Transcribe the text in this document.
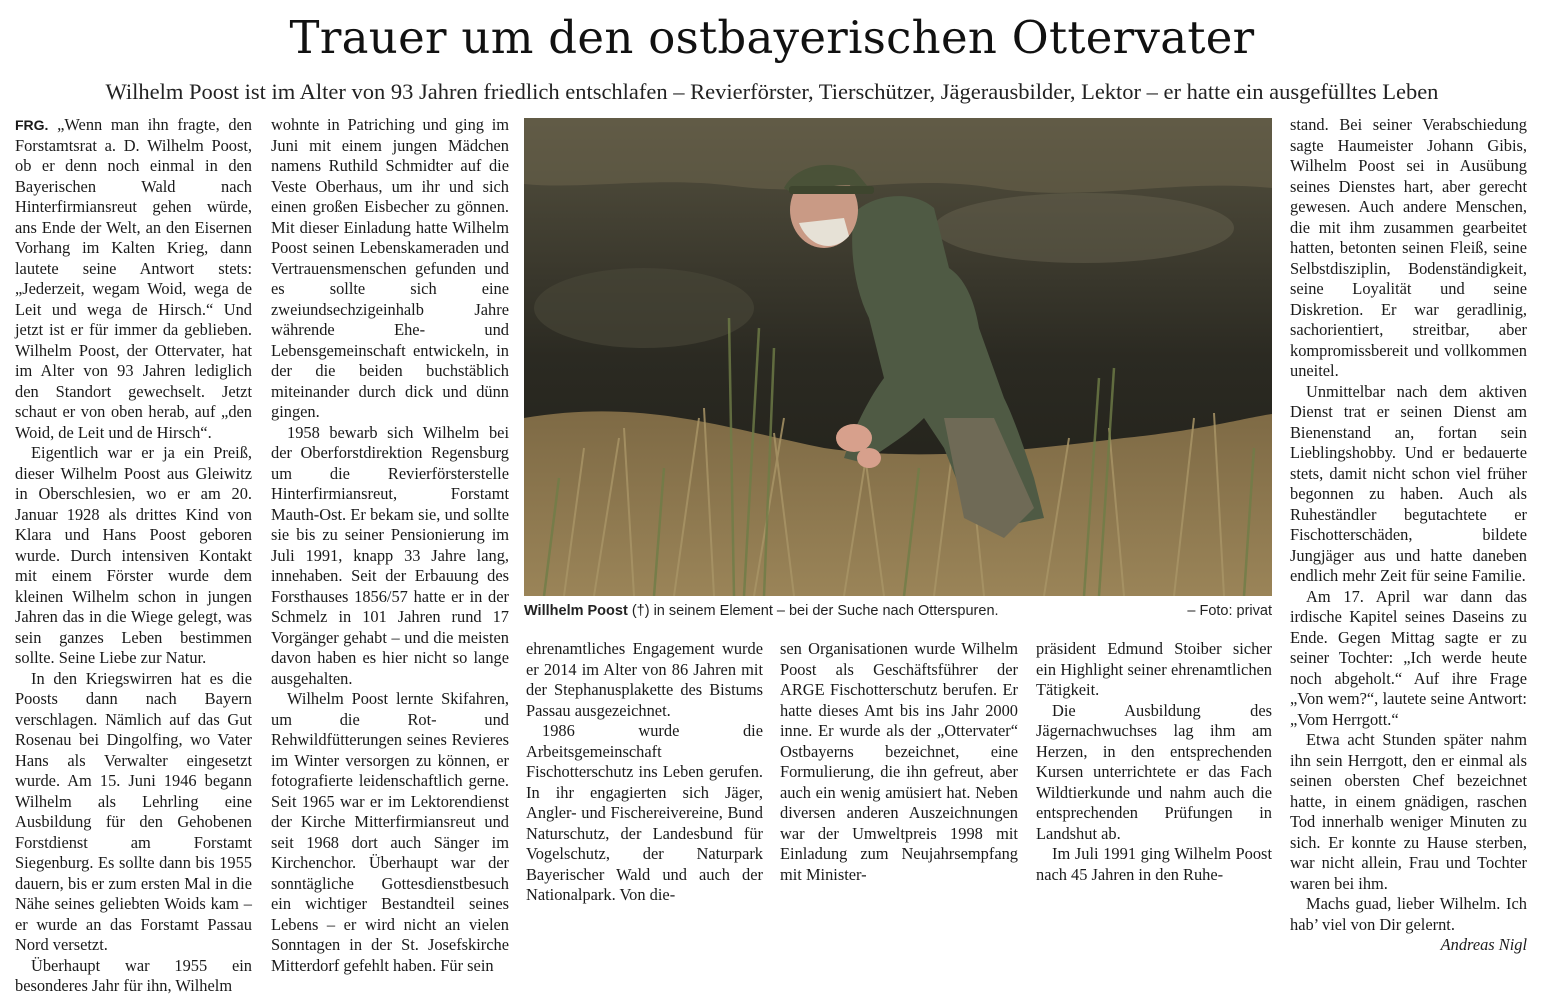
Trauer um den ostbayerischen Ottervater
Wilhelm Poost ist im Alter von 93 Jahren friedlich entschlafen – Revierförster, Tierschützer, Jägerausbilder, Lektor – er hatte ein ausgefülltes Leben

FRG. „Wenn man ihn fragte, den Forstamtsrat a. D. Wilhelm Poost, ob er denn noch einmal in den Bayerischen Wald nach Hinterfirmiansreut gehen würde, ans Ende der Welt, an den Eisernen Vorhang im Kalten Krieg, dann lautete seine Antwort stets: „Jederzeit, wegam Woid, wega de Leit und wega de Hirsch.“ Und jetzt ist er für immer da geblieben. Wilhelm Poost, der Ottervater, hat im Alter von 93 Jahren lediglich den Standort gewechselt. Jetzt schaut er von oben herab, auf „den Woid, de Leit und de Hirsch“.

Eigentlich war er ja ein Preiß, dieser Wilhelm Poost aus Gleiwitz in Oberschlesien, wo er am 20. Januar 1928 als drittes Kind von Klara und Hans Poost geboren wurde. Durch intensiven Kontakt mit einem Förster wurde dem kleinen Wilhelm schon in jungen Jahren das in die Wiege gelegt, was sein ganzes Leben bestimmen sollte. Seine Liebe zur Natur.

In den Kriegswirren hat es die Poosts dann nach Bayern verschlagen. Nämlich auf das Gut Rosenau bei Dingolfing, wo Vater Hans als Verwalter eingesetzt wurde. Am 15. Juni 1946 begann Wilhelm als Lehrling eine Ausbildung für den Gehobenen Forstdienst am Forstamt Siegenburg. Es sollte dann bis 1955 dauern, bis er zum ersten Mal in die Nähe seines geliebten Woids kam – er wurde an das Forstamt Passau Nord versetzt.

Überhaupt war 1955 ein besonderes Jahr für ihn, Wilhelm

wohnte in Patriching und ging im Juni mit einem jungen Mädchen namens Ruthild Schmidter auf die Veste Oberhaus, um ihr und sich einen großen Eisbecher zu gönnen. Mit dieser Einladung hatte Wilhelm Poost seinen Lebenskameraden und Vertrauensmenschen gefunden und es sollte sich eine zweiundsechzigeinhalb Jahre währende Ehe- und Lebensgemeinschaft entwickeln, in der die beiden buchstäblich miteinander durch dick und dünn gingen.

1958 bewarb sich Wilhelm bei der Oberforstdirektion Regensburg um die Revierförsterstelle Hinterfirmiansreut, Forstamt Mauth-Ost. Er bekam sie, und sollte sie bis zu seiner Pensionierung im Juli 1991, knapp 33 Jahre lang, innehaben. Seit der Erbauung des Forsthauses 1856/57 hatte er in der Schmelz in 101 Jahren rund 17 Vorgänger gehabt – und die meisten davon haben es hier nicht so lange ausgehalten.

Wilhelm Poost lernte Skifahren, um die Rot- und Rehwildfütterungen seines Revieres im Winter versorgen zu können, er fotografierte leidenschaftlich gerne. Seit 1965 war er im Lektorendienst der Kirche Mitterfirmiansreut und seit 1968 dort auch Sänger im Kirchenchor. Überhaupt war der sonntägliche Gottesdienstbesuch ein wichtiger Bestandteil seines Lebens – er wird nicht an vielen Sonntagen in der St. Josefskirche Mitterdorf gefehlt haben. Für sein

Willhelm Poost (†) in seinem Element – bei der Suche nach Otterspuren.	– Foto: privat

ehrenamtliches Engagement wurde er 2014 im Alter von 86 Jahren mit der Stephanusplakette des Bistums Passau ausgezeichnet.

1986 wurde die Arbeitsgemeinschaft Fischotterschutz ins Leben gerufen. In ihr engagierten sich Jäger, Angler- und Fischereivereine, Bund Naturschutz, der Landesbund für Vogelschutz, der Naturpark Bayerischer Wald und auch der Nationalpark. Von die-

sen Organisationen wurde Wilhelm Poost als Geschäftsführer der ARGE Fischotterschutz berufen. Er hatte dieses Amt bis ins Jahr 2000 inne. Er wurde als der „Ottervater“ Ostbayerns bezeichnet, eine Formulierung, die ihn gefreut, aber auch ein wenig amüsiert hat. Neben diversen anderen Auszeichnungen war der Umweltpreis 1998 mit Einladung zum Neujahrsempfang mit Minister-

präsident Edmund Stoiber sicher ein Highlight seiner ehrenamtlichen Tätigkeit.

Die Ausbildung des Jägernachwuchses lag ihm am Herzen, in den entsprechenden Kursen unterrichtete er das Fach Wildtierkunde und nahm auch die entsprechenden Prüfungen in Landshut ab.

Im Juli 1991 ging Wilhelm Poost nach 45 Jahren in den Ruhe-

stand. Bei seiner Verabschiedung sagte Haumeister Johann Gibis, Wilhelm Poost sei in Ausübung seines Dienstes hart, aber gerecht gewesen. Auch andere Menschen, die mit ihm zusammen gearbeitet hatten, betonten seinen Fleiß, seine Selbstdisziplin, Bodenständigkeit, seine Loyalität und seine Diskretion. Er war geradlinig, sachorientiert, streitbar, aber kompromissbereit und vollkommen uneitel.

Unmittelbar nach dem aktiven Dienst trat er seinen Dienst am Bienenstand an, fortan sein Lieblingshobby. Und er bedauerte stets, damit nicht schon viel früher begonnen zu haben. Auch als Ruheständler begutachtete er Fischotterschäden, bildete Jungjäger aus und hatte daneben endlich mehr Zeit für seine Familie.

Am 17. April war dann das irdische Kapitel seines Daseins zu Ende. Gegen Mittag sagte er zu seiner Tochter: „Ich werde heute noch abgeholt.“ Auf ihre Frage „Von wem?“, lautete seine Antwort: „Vom Herrgott.“

Etwa acht Stunden später nahm ihn sein Herrgott, den er einmal als seinen obersten Chef bezeichnet hatte, in einem gnädigen, raschen Tod innerhalb weniger Minuten zu sich. Er konnte zu Hause sterben, war nicht allein, Frau und Tochter waren bei ihm.

Machs guad, lieber Wilhelm. Ich hab’ viel von Dir gelernt.

Andreas Nigl
